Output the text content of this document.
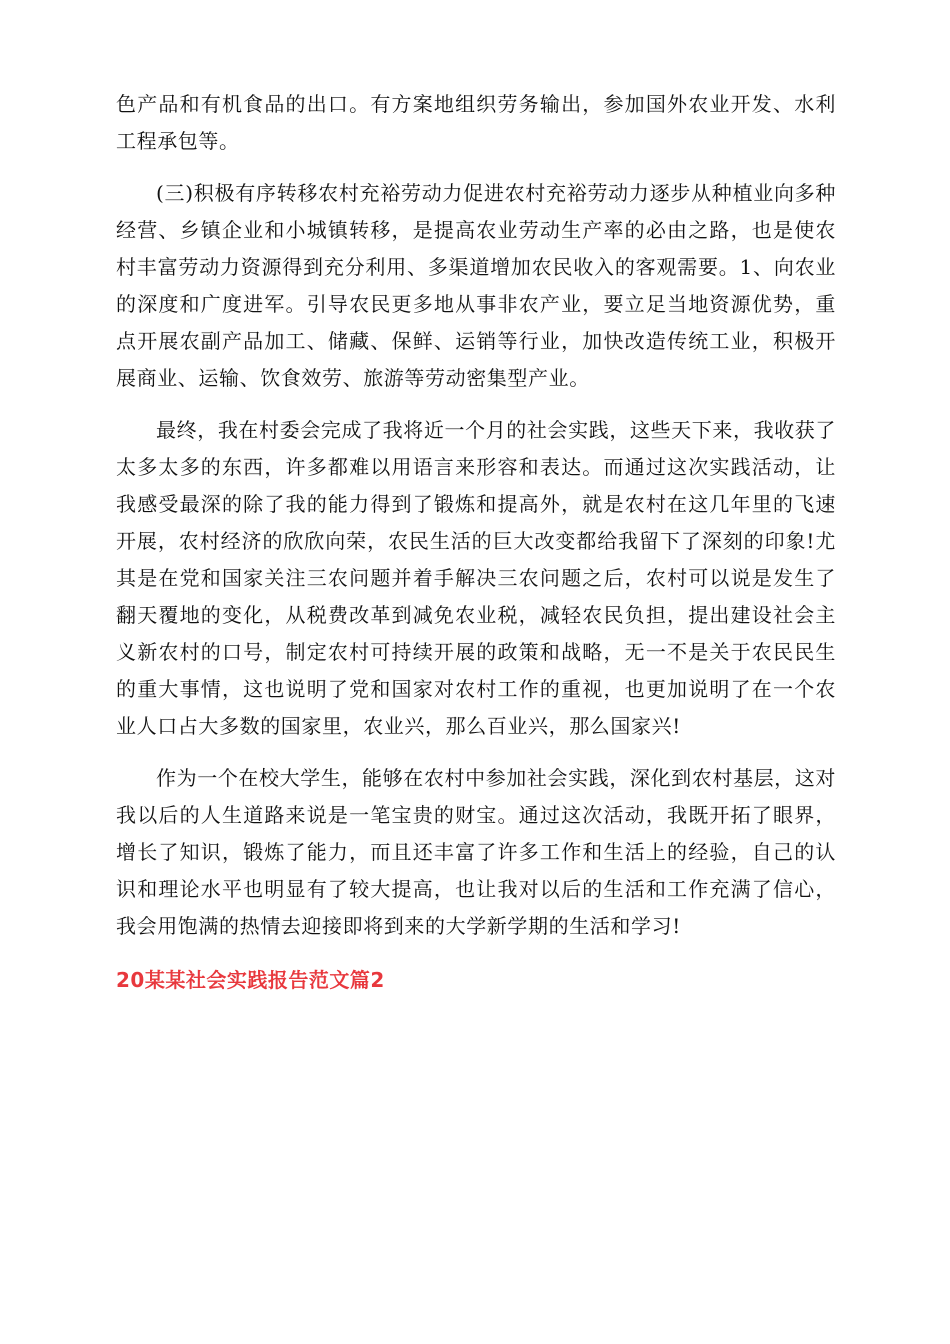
色产品和有机食品的出口。有方案地组织劳务输出，参加国外农业开发、水利工程承包等。

(三)积极有序转移农村充裕劳动力促进农村充裕劳动力逐步从种植业向多种经营、乡镇企业和小城镇转移，是提高农业劳动生产率的必由之路，也是使农村丰富劳动力资源得到充分利用、多渠道增加农民收入的客观需要。1、向农业的深度和广度进军。引导农民更多地从事非农产业，要立足当地资源优势，重点开展农副产品加工、储藏、保鲜、运销等行业，加快改造传统工业，积极开展商业、运输、饮食效劳、旅游等劳动密集型产业。

最终，我在村委会完成了我将近一个月的社会实践，这些天下来，我收获了太多太多的东西，许多都难以用语言来形容和表达。而通过这次实践活动，让我感受最深的除了我的能力得到了锻炼和提高外，就是农村在这几年里的飞速开展，农村经济的欣欣向荣，农民生活的巨大改变都给我留下了深刻的印象!尤其是在党和国家关注三农问题并着手解决三农问题之后，农村可以说是发生了翻天覆地的变化，从税费改革到减免农业税，减轻农民负担，提出建设社会主义新农村的口号，制定农村可持续开展的政策和战略，无一不是关于农民民生的重大事情，这也说明了党和国家对农村工作的重视，也更加说明了在一个农业人口占大多数的国家里，农业兴，那么百业兴，那么国家兴!

作为一个在校大学生，能够在农村中参加社会实践，深化到农村基层，这对我以后的人生道路来说是一笔宝贵的财宝。通过这次活动，我既开拓了眼界，增长了知识，锻炼了能力，而且还丰富了许多工作和生活上的经验，自己的认识和理论水平也明显有了较大提高，也让我对以后的生活和工作充满了信心，我会用饱满的热情去迎接即将到来的大学新学期的生活和学习!

20某某社会实践报告范文篇2
